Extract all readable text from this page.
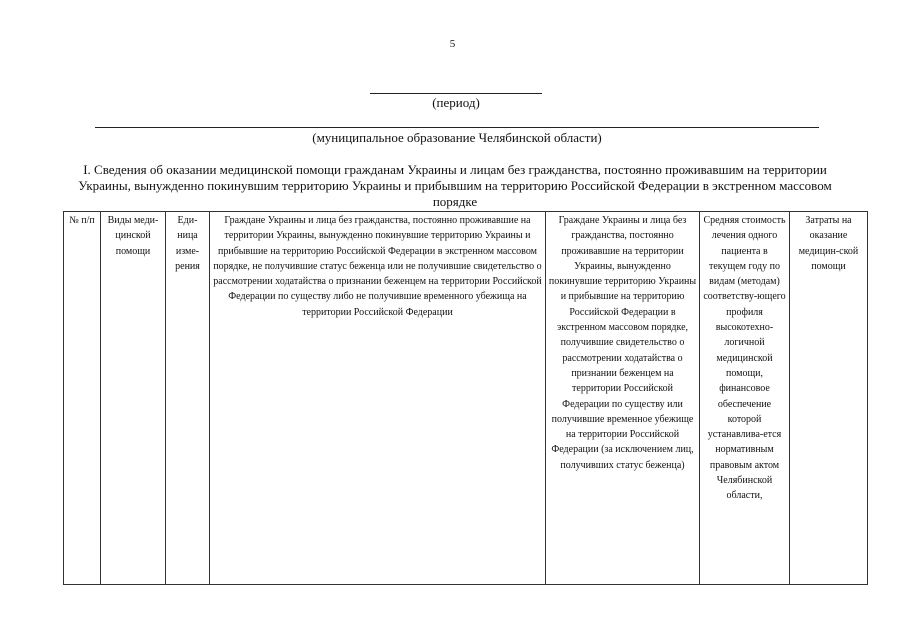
5
(период)
(муниципальное образование Челябинской области)
I. Сведения об оказании медицинской помощи гражданам Украины и лицам без гражданства, постоянно проживавшим на территории Украины, вынужденно покинувшим территорию Украины и прибывшим на территорию Российской Федерации в экстренном массовом порядке
№ п/п	Виды меди-цинской помощи	Еди-ница изме-рения	Граждане Украины и лица без гражданства, постоянно проживавшие на территории Украины, вынужденно покинувшие территорию Украины и прибывшие на территорию Российской Федерации в экстренном массовом порядке, не получившие статус беженца или не получившие свидетельство о рассмотрении ходатайства о признании беженцем на территории Российской Федерации по существу либо не получившие временного убежища на территории Российской Федерации	Граждане Украины и лица без гражданства, постоянно проживавшие на территории Украины, вынужденно покинувшие территорию Украины и прибывшие на территорию Российской Федерации в экстренном массовом порядке, получившие свидетельство о рассмотрении ходатайства о признании беженцем на территории Российской Федерации по существу или получившие временное убежище на территории Российской Федерации (за исключением лиц, получивших статус беженца)	Средняя стоимость лечения одного пациента в текущем году по видам (методам) соответству-ющего профиля высокотехно-логичной медицинской помощи, финансовое обеспечение которой устанавлива-ется нормативным правовым актом Челябинской области,	Затраты на оказание медицин-ской помощи
